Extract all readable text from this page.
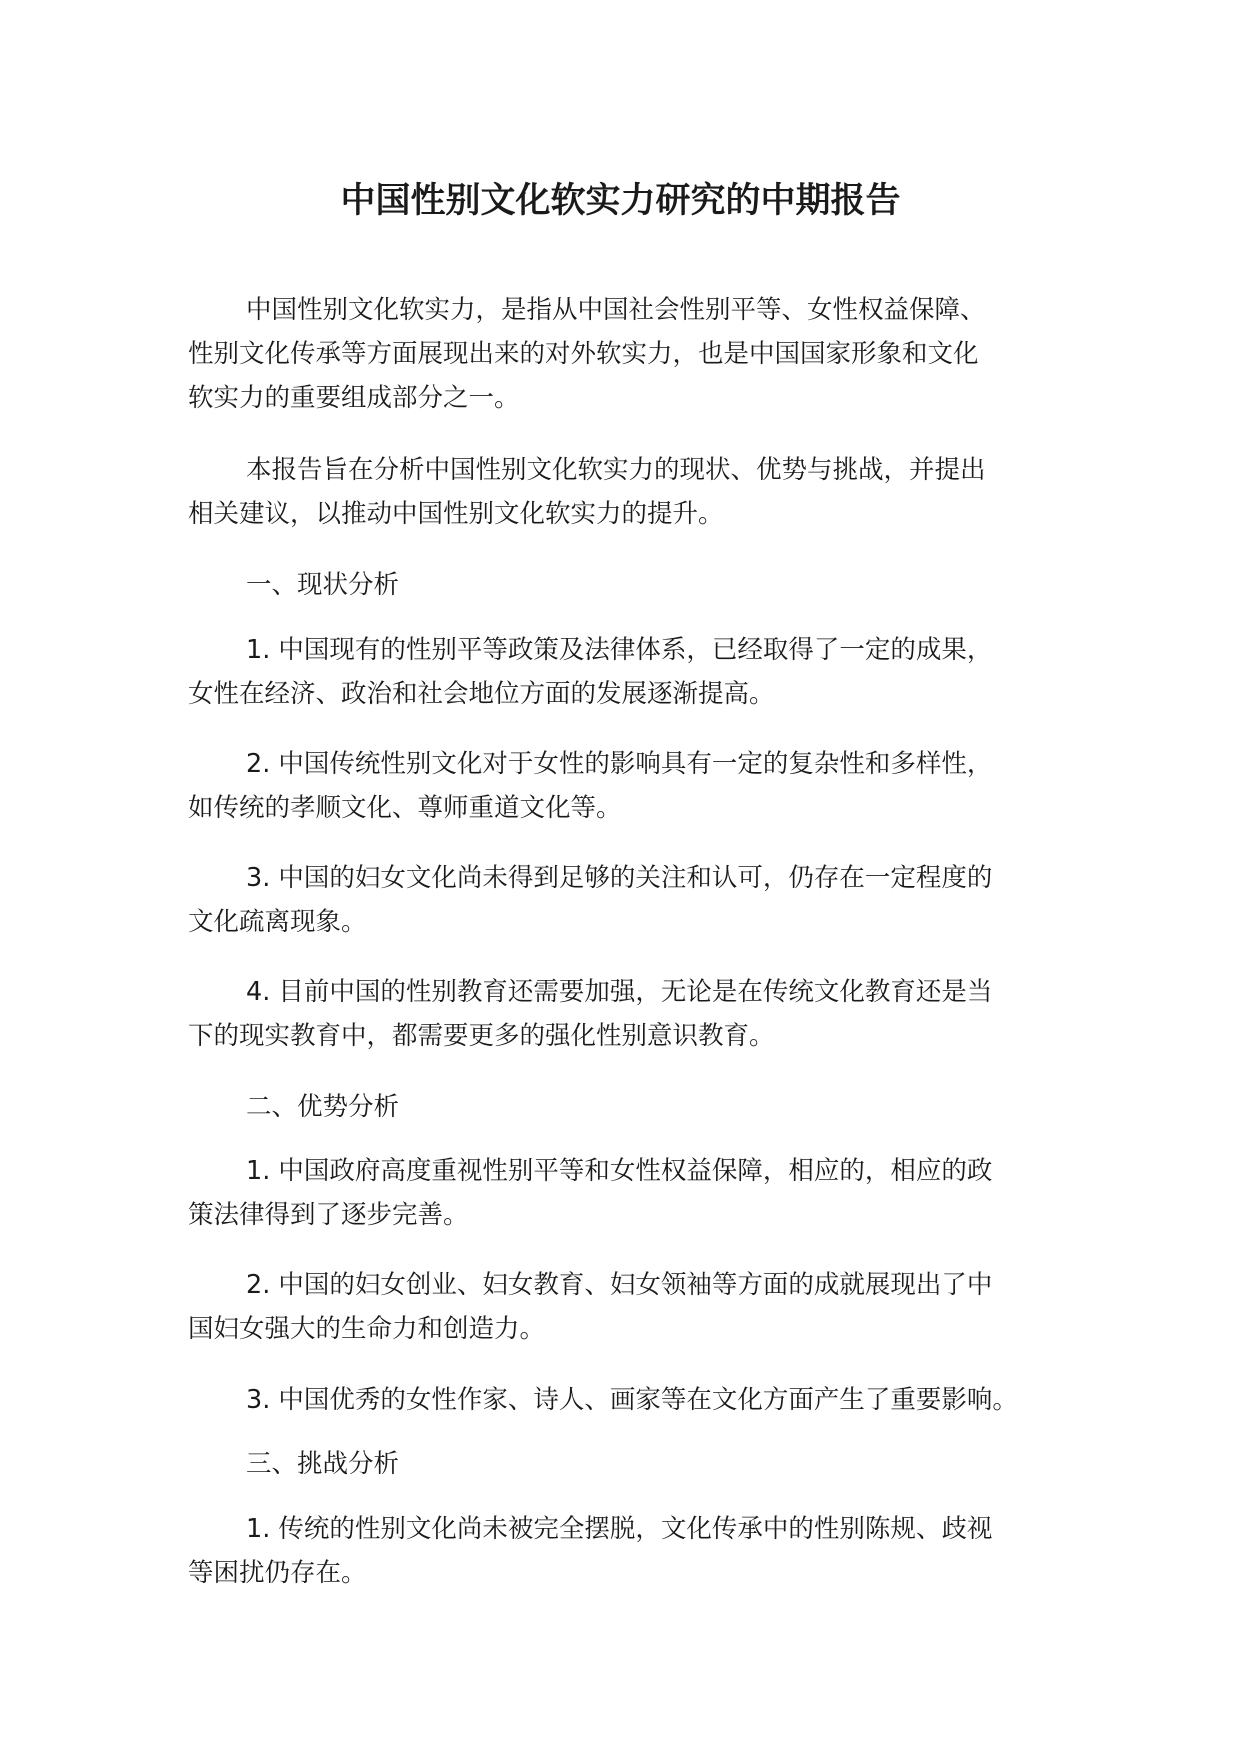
中国性别文化软实力研究的中期报告
中国性别文化软实力，是指从中国社会性别平等、女性权益保障、
性别文化传承等方面展现出来的对外软实力，也是中国国家形象和文化
软实力的重要组成部分之一。
本报告旨在分析中国性别文化软实力的现状、优势与挑战，并提出
相关建议，以推动中国性别文化软实力的提升。
一、现状分析
1. 中国现有的性别平等政策及法律体系，已经取得了一定的成果，
女性在经济、政治和社会地位方面的发展逐渐提高。
2. 中国传统性别文化对于女性的影响具有一定的复杂性和多样性，
如传统的孝顺文化、尊师重道文化等。
3. 中国的妇女文化尚未得到足够的关注和认可，仍存在一定程度的
文化疏离现象。
4. 目前中国的性别教育还需要加强，无论是在传统文化教育还是当
下的现实教育中，都需要更多的强化性别意识教育。
二、优势分析
1. 中国政府高度重视性别平等和女性权益保障，相应的，相应的政
策法律得到了逐步完善。
2. 中国的妇女创业、妇女教育、妇女领袖等方面的成就展现出了中
国妇女强大的生命力和创造力。
3. 中国优秀的女性作家、诗人、画家等在文化方面产生了重要影响。
三、挑战分析
1. 传统的性别文化尚未被完全摆脱，文化传承中的性别陈规、歧视
等困扰仍存在。
